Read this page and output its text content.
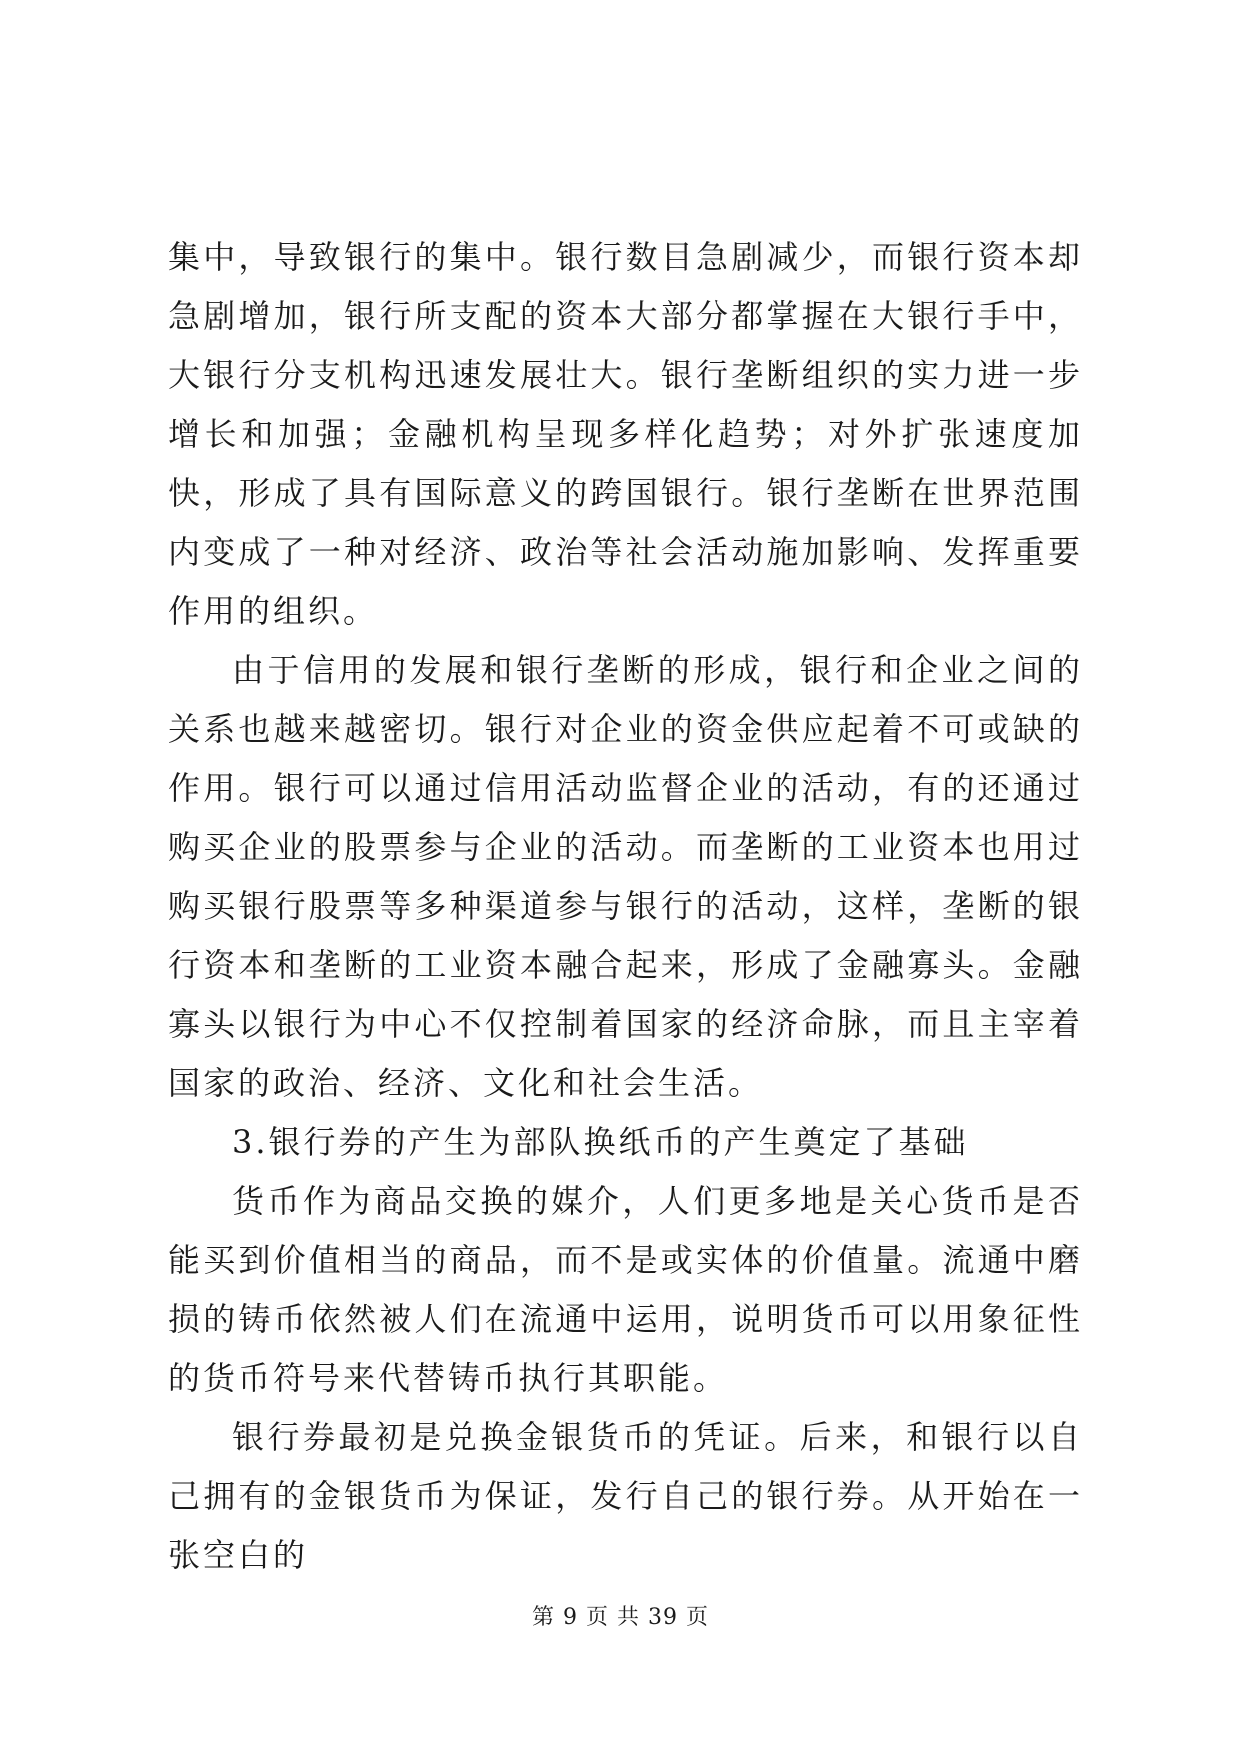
集中，导致银行的集中。银行数目急剧减少，而银行资本却急剧增加，银行所支配的资本大部分都掌握在大银行手中，大银行分支机构迅速发展壮大。银行垄断组织的实力进一步增长和加强；金融机构呈现多样化趋势；对外扩张速度加快，形成了具有国际意义的跨国银行。银行垄断在世界范围内变成了一种对经济、政治等社会活动施加影响、发挥重要作用的组织。

由于信用的发展和银行垄断的形成，银行和企业之间的关系也越来越密切。银行对企业的资金供应起着不可或缺的作用。银行可以通过信用活动监督企业的活动，有的还通过购买企业的股票参与企业的活动。而垄断的工业资本也用过购买银行股票等多种渠道参与银行的活动，这样，垄断的银行资本和垄断的工业资本融合起来，形成了金融寡头。金融寡头以银行为中心不仅控制着国家的经济命脉，而且主宰着国家的政治、经济、文化和社会生活。

3.银行券的产生为部队换纸币的产生奠定了基础

货币作为商品交换的媒介，人们更多地是关心货币是否能买到价值相当的商品，而不是或实体的价值量。流通中磨损的铸币依然被人们在流通中运用，说明货币可以用象征性的货币符号来代替铸币执行其职能。

银行券最初是兑换金银货币的凭证。后来，和银行以自己拥有的金银货币为保证，发行自己的银行券。从开始在一张空白的

第 9 页 共 39 页
